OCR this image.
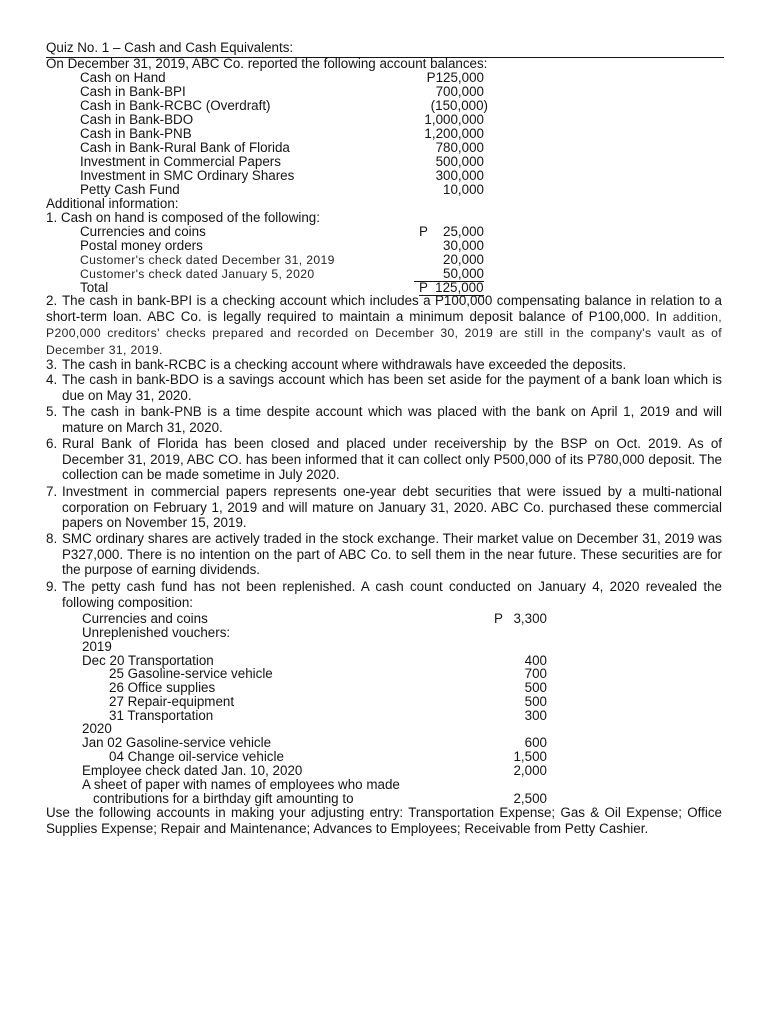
Quiz No. 1 – Cash and Cash Equivalents:
On December 31, 2019, ABC Co. reported the following account balances:
Cash on Hand	P125,000
Cash in Bank-BPI	700,000
Cash in Bank-RCBC (Overdraft)	(150,000)
Cash in Bank-BDO	1,000,000
Cash in Bank-PNB	1,200,000
Cash in Bank-Rural Bank of Florida	780,000
Investment in Commercial Papers	500,000
Investment in SMC Ordinary Shares	300,000
Petty Cash Fund	10,000
Additional information:
1. Cash on hand is composed of the following:
Currencies and coins	P 25,000
Postal money orders	30,000
Customer's check dated December 31, 2019	20,000
Customer's check dated January 5, 2020	50,000
Total	P  125,000
2. The cash in bank-BPI is a checking account which includes a P100,000 compensating balance in relation to a short-term loan. ABC Co. is legally required to maintain a minimum deposit balance of P100,000. In addition, P200,000 creditors' checks prepared and recorded on December 30, 2019 are still in the company's vault as of December 31, 2019.
3. The cash in bank-RCBC is a checking account where withdrawals have exceeded the deposits.
4. The cash in bank-BDO is a savings account which has been set aside for the payment of a bank loan which is due on May 31, 2020.
5. The cash in bank-PNB is a time despite account which was placed with the bank on April 1, 2019 and will mature on March 31, 2020.
6. Rural Bank of Florida has been closed and placed under receivership by the BSP on Oct. 2019. As of December 31, 2019, ABC CO. has been informed that it can collect only P500,000 of its P780,000 deposit. The collection can be made sometime in July 2020.
7. Investment in commercial papers represents one-year debt securities that were issued by a multi-national corporation on February 1, 2019 and will mature on January 31, 2020. ABC Co. purchased these commercial papers on November 15, 2019.
8. SMC ordinary shares are actively traded in the stock exchange. Their market value on December 31, 2019 was P327,000. There is no intention on the part of ABC Co. to sell them in the near future. These securities are for the purpose of earning dividends.
9. The petty cash fund has not been replenished. A cash count conducted on January 4, 2020 revealed the following composition:
Currencies and coins	P 3,300
Unreplenished vouchers:
2019
Dec 20 Transportation	400
25 Gasoline-service vehicle	700
26 Office supplies	500
27 Repair-equipment	500
31 Transportation	300
2020
Jan 02 Gasoline-service vehicle	600
04 Change oil-service vehicle	1,500
Employee check dated Jan. 10, 2020	2,000
A sheet of paper with names of employees who made
contributions for a birthday gift amounting to	2,500
Use the following accounts in making your adjusting entry: Transportation Expense; Gas & Oil Expense; Office Supplies Expense; Repair and Maintenance; Advances to Employees; Receivable from Petty Cashier.
